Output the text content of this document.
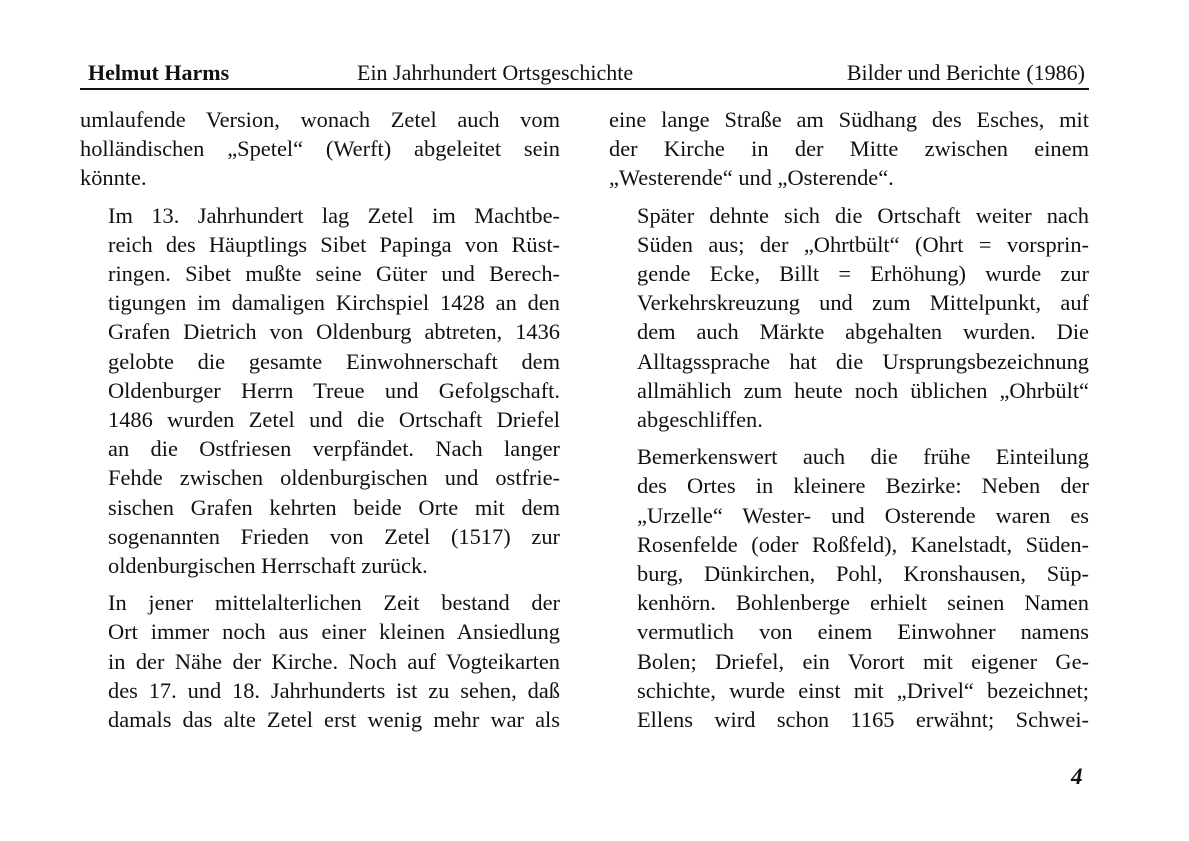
Helmut Harms	Ein Jahrhundert Ortsgeschichte	Bilder und Berichte (1986)
umlaufende Version, wonach Zetel auch vom
holländischen „Spetel“ (Werft) abgeleitet sein
könnte.
Im 13. Jahrhundert lag Zetel im Machtbe-
reich des Häuptlings Sibet Papinga von Rüst-
ringen. Sibet mußte seine Güter und Berech-
tigungen im damaligen Kirchspiel 1428 an den
Grafen Dietrich von Oldenburg abtreten, 1436
gelobte die gesamte Einwohnerschaft dem
Oldenburger Herrn Treue und Gefolgschaft.
1486 wurden Zetel und die Ortschaft Driefel
an die Ostfriesen verpfändet. Nach langer
Fehde zwischen oldenburgischen und ostfrie-
sischen Grafen kehrten beide Orte mit dem
sogenannten Frieden von Zetel (1517) zur
oldenburgischen Herrschaft zurück.
In jener mittelalterlichen Zeit bestand der
Ort immer noch aus einer kleinen Ansiedlung
in der Nähe der Kirche. Noch auf Vogteikarten
des 17. und 18. Jahrhunderts ist zu sehen, daß
damals das alte Zetel erst wenig mehr war als
eine lange Straße am Südhang des Esches, mit
der Kirche in der Mitte zwischen einem
„Westerende“ und „Osterende“.
Später dehnte sich die Ortschaft weiter nach
Süden aus; der „Ohrtbült“ (Ohrt = vorsprin-
gende Ecke, Billt = Erhöhung) wurde zur
Verkehrskreuzung und zum Mittelpunkt, auf
dem auch Märkte abgehalten wurden. Die
Alltagssprache hat die Ursprungsbezeichnung
allmählich zum heute noch üblichen „Ohrbült“
abgeschliffen.
Bemerkenswert auch die frühe Einteilung
des Ortes in kleinere Bezirke: Neben der
„Urzelle“ Wester- und Osterende waren es
Rosenfelde (oder Roßfeld), Kanelstadt, Süden-
burg, Dünkirchen, Pohl, Kronshausen, Süp-
kenhörn. Bohlenberge erhielt seinen Namen
vermutlich von einem Einwohner namens
Bolen; Driefel, ein Vorort mit eigener Ge-
schichte, wurde einst mit „Drivel“ bezeichnet;
Ellens wird schon 1165 erwähnt; Schwei-
4
